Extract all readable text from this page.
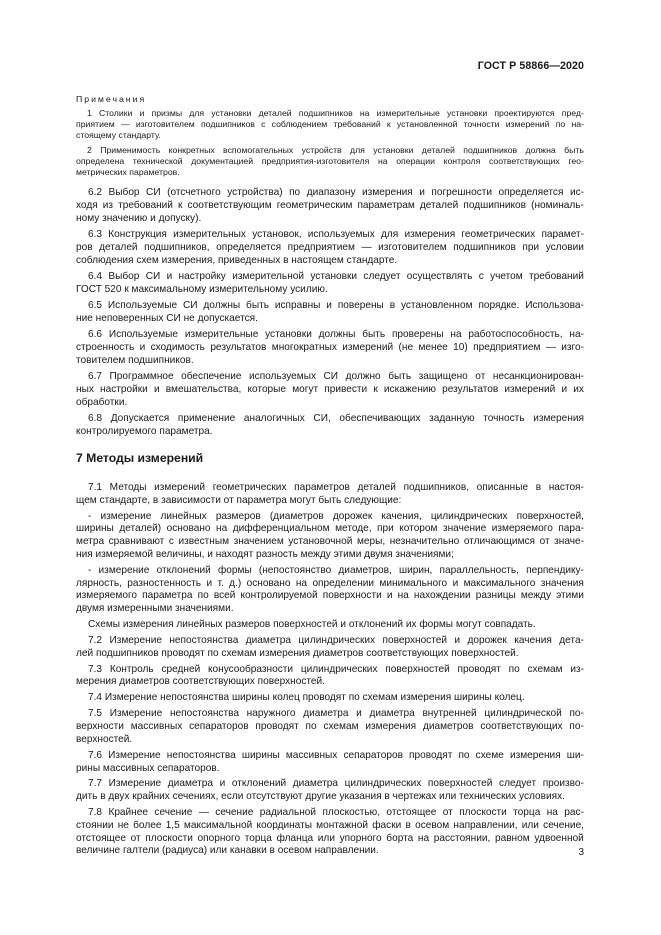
ГОСТ Р 58866—2020
Примечания
1 Столики и призмы для установки деталей подшипников на измерительные установки проектируются пред-
приятием — изготовителем подшипников с соблюдением требований к установленной точности измерений по на-
стоящему стандарту.
2 Применимость конкретных вспомогательных устройств для установки деталей подшипников должна быть
определена технической документацией предприятия-изготовителя на операции контроля соответствующих гео-
метрических параметров.
6.2 Выбор СИ (отсчетного устройства) по диапазону измерения и погрешности определяется ис-
ходя из требований к соответствующим геометрическим параметрам деталей подшипников (номиналь-
ному значению и допуску).
6.3 Конструкция измерительных установок, используемых для измерения геометрических парамет-
ров деталей подшипников, определяется предприятием — изготовителем подшипников при условии
соблюдения схем измерения, приведенных в настоящем стандарте.
6.4 Выбор СИ и настройку измерительной установки следует осуществлять с учетом требований
ГОСТ 520 к максимальному измерительному усилию.
6.5 Используемые СИ должны быть исправны и поверены в установленном порядке. Использова-
ние неповеренных СИ не допускается.
6.6 Используемые измерительные установки должны быть проверены на работоспособность, на-
строенность и сходимость результатов многократных измерений (не менее 10) предприятием — изго-
товителем подшипников.
6.7 Программное обеспечение используемых СИ должно быть защищено от несанкционирован-
ных настройки и вмешательства, которые могут привести к искажению результатов измерений и их
обработки.
6.8 Допускается применение аналогичных СИ, обеспечивающих заданную точность измерения
контролируемого параметра.
7 Методы измерений
7.1 Методы измерений геометрических параметров деталей подшипников, описанные в настоя-
щем стандарте, в зависимости от параметра могут быть следующие:
- измерение линейных размеров (диаметров дорожек качения, цилиндрических поверхностей,
ширины деталей) основано на дифференциальном методе, при котором значение измеряемого пара-
метра сравнивают с известным значением установочной меры, незначительно отличающимся от значе-
ния измеряемой величины, и находят разность между этими двумя значениями;
- измерение отклонений формы (непостоянство диаметров, ширин, параллельность, перпендику-
лярность, разностенность и т. д.) основано на определении минимального и максимального значения
измеряемого параметра по всей контролируемой поверхности и на нахождении разницы между этими
двумя измеренными значениями.
Схемы измерения линейных размеров поверхностей и отклонений их формы могут совпадать.
7.2 Измерение непостоянства диаметра цилиндрических поверхностей и дорожек качения дета-
лей подшипников проводят по схемам измерения диаметров соответствующих поверхностей.
7.3 Контроль средней конусообразности цилиндрических поверхностей проводят по схемам из-
мерения диаметров соответствующих поверхностей.
7.4 Измерение непостоянства ширины колец проводят по схемам измерения ширины колец.
7.5 Измерение непостоянства наружного диаметра и диаметра внутренней цилиндрической по-
верхности массивных сепараторов проводят по схемам измерения диаметров соответствующих по-
верхностей.
7.6 Измерение непостоянства ширины массивных сепараторов проводят по схеме измерения ши-
рины массивных сепараторов.
7.7 Измерение диаметра и отклонений диаметра цилиндрических поверхностей следует произво-
дить в двух крайних сечениях, если отсутствуют другие указания в чертежах или технических условиях.
7.8 Крайнее сечение — сечение радиальной плоскостью, отстоящее от плоскости торца на рас-
стоянии не более 1,5 максимальной координаты монтажной фаски в осевом направлении, или сечение,
отстоящее от плоскости опорного торца фланца или упорного борта на расстоянии, равном удвоенной
величине галтели (радиуса) или канавки в осевом направлении.	3
